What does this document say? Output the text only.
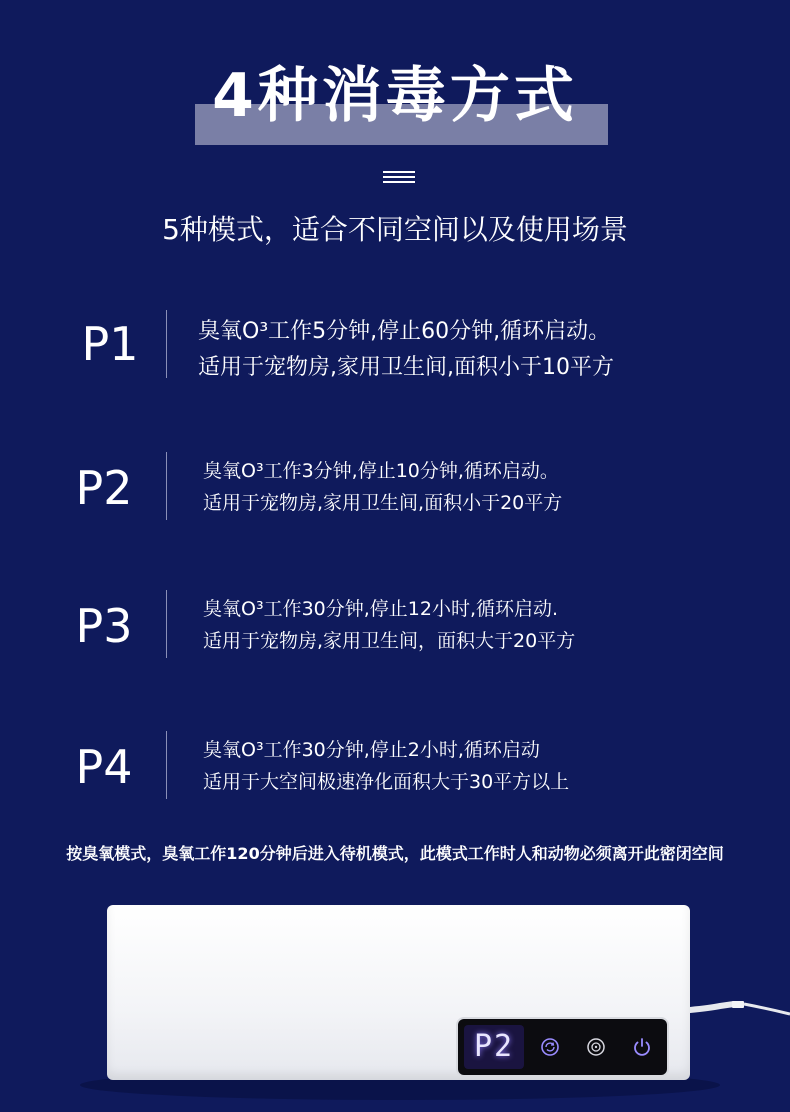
4种消毒方式
5种模式，适合不同空间以及使用场景
P1	臭氧O³工作5分钟,停止60分钟,循环启动。
适用于宠物房,家用卫生间,面积小于10平方
P2	臭氧O³工作3分钟,停止10分钟,循环启动。
适用于宠物房,家用卫生间,面积小于20平方
P3	臭氧O³工作30分钟,停止12小时,循环启动.
适用于宠物房,家用卫生间，面积大于20平方
P4	臭氧O³工作30分钟,停止2小时,循环启动
适用于大空间极速净化面积大于30平方以上
按臭氧模式，臭氧工作120分钟后进入待机模式，此模式工作时人和动物必须离开此密闭空间
P2
